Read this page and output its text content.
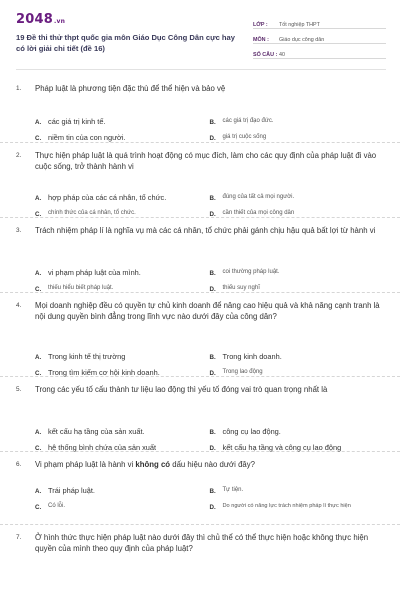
2048.vn
19 Đề thi thử thpt quốc gia môn Giáo Dục Công Dân cực hay có lời giải chi tiết (đề 16)
LỚP :	Tốt nghiệp THPT
MÔN :	Giáo dục công dân
SỐ CÂU : 40
1.	Pháp luật là phương tiện đặc thù để thể hiện và bảo vệ
A. các giá trị kinh tế.	B.	các giá trị đạo đức.
C. niềm tin của con người.	D.	giá trị cuộc sống
2.	Thực hiện pháp luật là quá trình hoạt động có mục đích, làm cho các quy định của pháp luật đi vào cuộc sống, trở thành hành vi
A. hợp pháp của các cá nhân, tổ chức.	B.	đúng của tất cả mọi người.
C.	chính thức của cá nhân, tổ chức.	D.	cần thiết của mọi công dân
3.	Trách nhiệm pháp lí là nghĩa vụ mà các cá nhân, tổ chức phải gánh chịu hậu quả bất lợi từ hành vi
A. vi phạm pháp luật của mình.	B.	coi thường pháp luật.
C.	thiếu hiểu biết pháp luật.	D.	thiếu suy nghĩ
4.	Mọi doanh nghiệp đều có quyền tự chủ kinh doanh để nâng cao hiệu quả và khả năng cạnh tranh là nội dung quyền bình đẳng trong lĩnh vực nào dưới đây của công dân?
A. Trong kinh tế thị trường	B. Trong kinh doanh.
C. Trong tìm kiếm cơ hội kinh doanh.	D.	Trong lao động
5.	Trong các yếu tố cấu thành tư liệu lao động thì yếu tố đóng vai trò quan trọng nhất là
A. kết cấu hạ tầng của sản xuất.	B. công cụ lao động.
C. hệ thống bình chứa của sản xuất	D. kết cấu hạ tầng và công cụ lao động
6.	Vi phạm pháp luật là hành vi không có dấu hiệu nào dưới đây?
A. Trái pháp luật.	B.	Tự tiện.
C.	Có lỗi.	D.	Do người có năng lực trách nhiệm pháp lí thực hiện
7.	Ở hình thức thực hiện pháp luật nào dưới đây thì chủ thể có thể thực hiện hoặc không thực hiện quyền của mình theo quy định của pháp luật?
